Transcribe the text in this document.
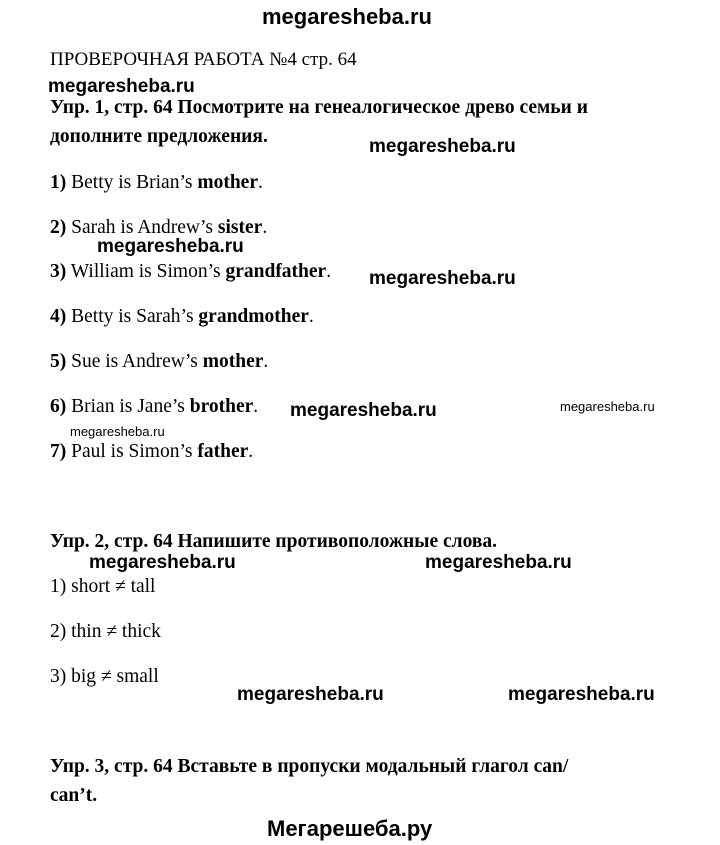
megaresheba.ru
ПРОВЕРОЧНАЯ РАБОТА №4 стр. 64
megaresheba.ru
Упр. 1, стр. 64 Посмотрите на генеалогическое древо семьи и
дополните предложения.	megaresheba.ru
1) Betty is Brian’s mother.
2) Sarah is Andrew’s sister.
megaresheba.ru
3) William is Simon’s grandfather. megaresheba.ru
4) Betty is Sarah’s grandmother.
5) Sue is Andrew’s mother.
6) Brian is Jane’s brother. megaresheba.ru	megaresheba.ru
megaresheba.ru
7) Paul is Simon’s father.
Упр. 2, стр. 64 Напишите противоположные слова.
megaresheba.ru	megaresheba.ru
1) short ≠ tall
2) thin ≠ thick
3) big ≠ small
megaresheba.ru	megaresheba.ru
Упр. 3, стр. 64 Вставьте в пропуски модальный глагол can/
can’t.
Мегарешеба.ру
